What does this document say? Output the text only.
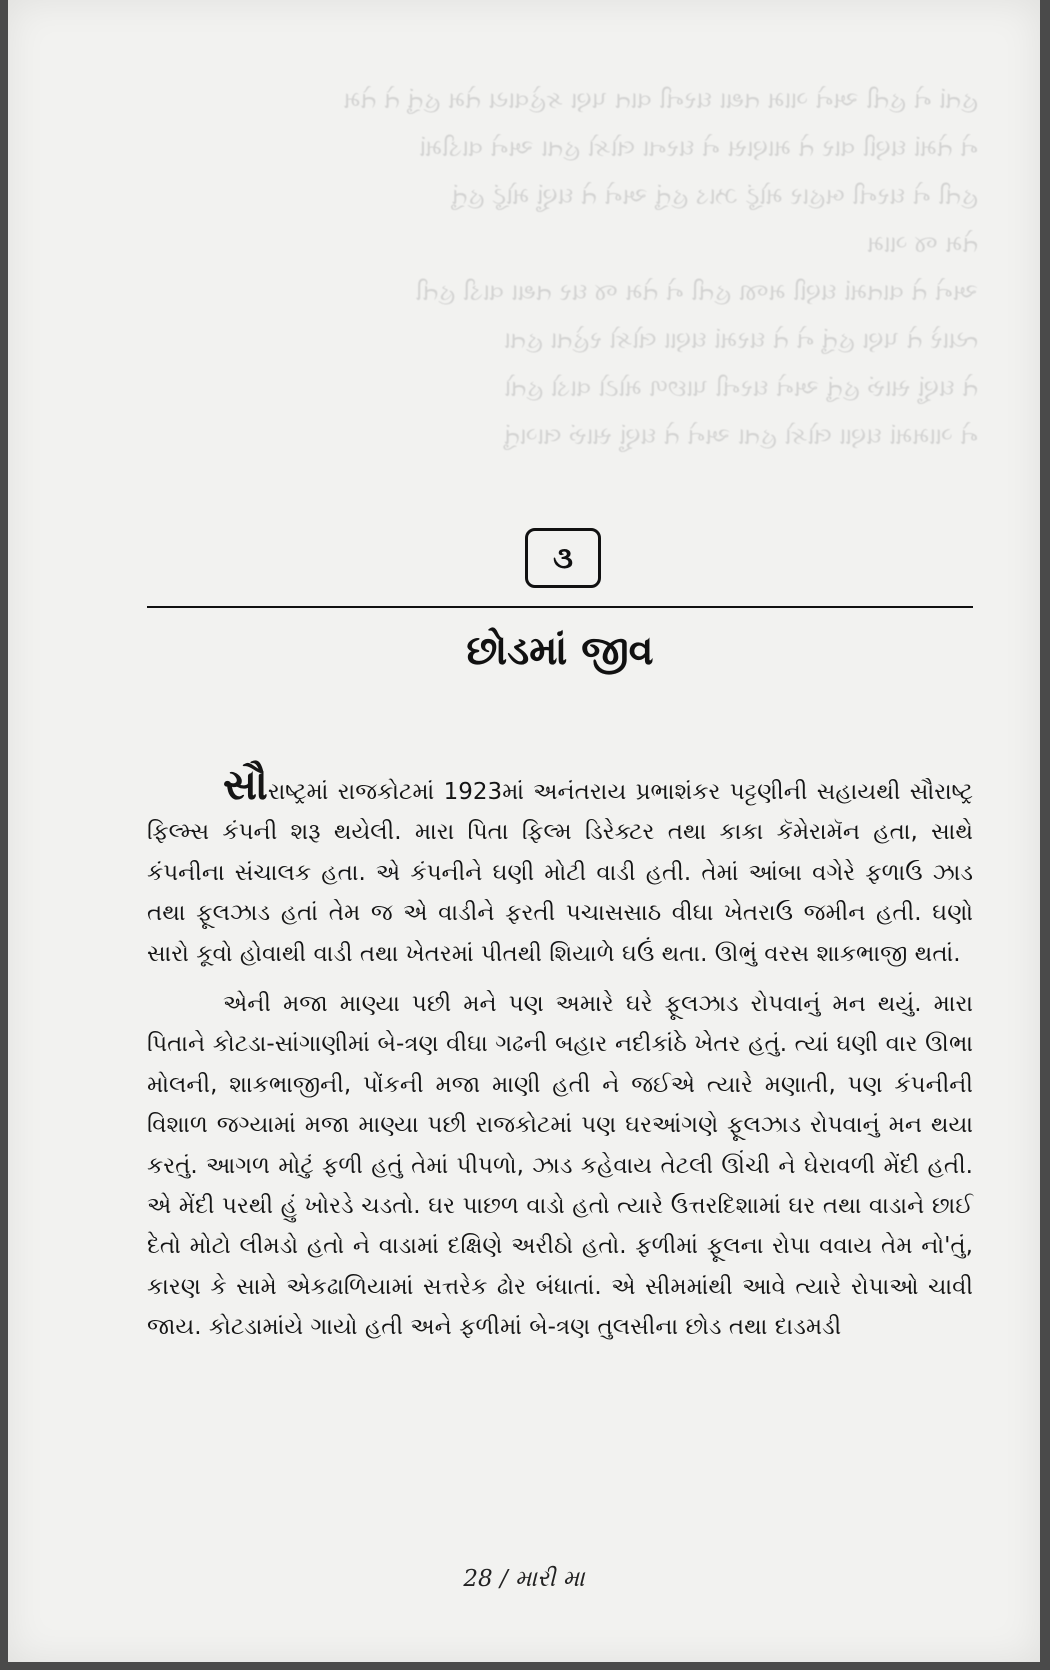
હતાં ને હતી અને ગામ તથા ઘરની વાત પણ કહેવાય તેમ હતું તે તેમ

ને તેમાં ઘણી વાર તે માણસ ને ઘરના લોકો હતા અને વાડીમાં

હતી ને ઘરની બહાર મોટું ઝાડ હતું અને તે ઘણું મોટું હતું

તેમ જ ગામ

અને તે વાતમાં ઘણી મજા હતી ને તેમ જ ઘર તથા વાડી હતી

ત્યારે તે પણ હતું ને તે ઘરમાં ઘણા લોકો રહેતા હતા

તે ઘણું સારું હતું અને ઘરની પાછળ મોટો વાડો હતો

ને ગામમાં ઘણા લોકો હતા અને તે ઘણું સારું લાગતું

૩
છોડમાં જીવ

સૌરાષ્ટ્રમાં રાજકોટમાં 1923માં અનંતરાય પ્રભાશંકર પટ્ટણીની સહાયથી સૌરાષ્ટ્ર ફિલ્મ્સ કંપની શરૂ થયેલી. મારા પિતા ફિલ્મ ડિરેક્ટર તથા કાકા કૅમેરામૅન હતા, સાથે કંપનીના સંચાલક હતા. એ કંપનીને ઘણી મોટી વાડી હતી. તેમાં આંબા વગેરે ફળાઉ ઝાડ તથા ફૂલઝાડ હતાં તેમ જ એ વાડીને ફરતી પચાસસાઠ વીઘા ખેતરાઉ જમીન હતી. ઘણો સારો કૂવો હોવાથી વાડી તથા ખેતરમાં પીતથી શિયાળે ઘઉં થતા. ઊભું વરસ શાકભાજી થતાં.

એની મજા માણ્યા પછી મને પણ અમારે ઘરે ફૂલઝાડ રોપવાનું મન થયું. મારા પિતાને કોટડા-સાંગાણીમાં બે-ત્રણ વીઘા ગઢની બહાર નદીકાંઠે ખેતર હતું. ત્યાં ઘણી વાર ઊભા મોલની, શાકભાજીની, પોંકની મજા માણી હતી ને જઈએ ત્યારે મણાતી, પણ કંપનીની વિશાળ જગ્યામાં મજા માણ્યા પછી રાજકોટમાં પણ ઘરઆંગણે ફૂલઝાડ રોપવાનું મન થયા કરતું. આગળ મોટું ફળી હતું તેમાં પીપળો, ઝાડ કહેવાય તેટલી ઊંચી ને ઘેરાવળી મેંદી હતી. એ મેંદી પરથી હું ખોરડે ચડતો. ઘર પાછળ વાડો હતો ત્યારે ઉત્તરદિશામાં ઘર તથા વાડાને છાઈ દેતો મોટો લીમડો હતો ને વાડામાં દક્ષિણે અરીઠો હતો. ફળીમાં ફૂલના રોપા વવાય તેમ નો'તું, કારણ કે સામે એકઢાળિયામાં સત્તરેક ઢોર બંધાતાં. એ સીમમાંથી આવે ત્યારે રોપાઓ ચાવી જાય. કોટડામાંયે ગાયો હતી અને ફળીમાં બે-ત્રણ તુલસીના છોડ તથા દાડમડી

28 / મારી મા
